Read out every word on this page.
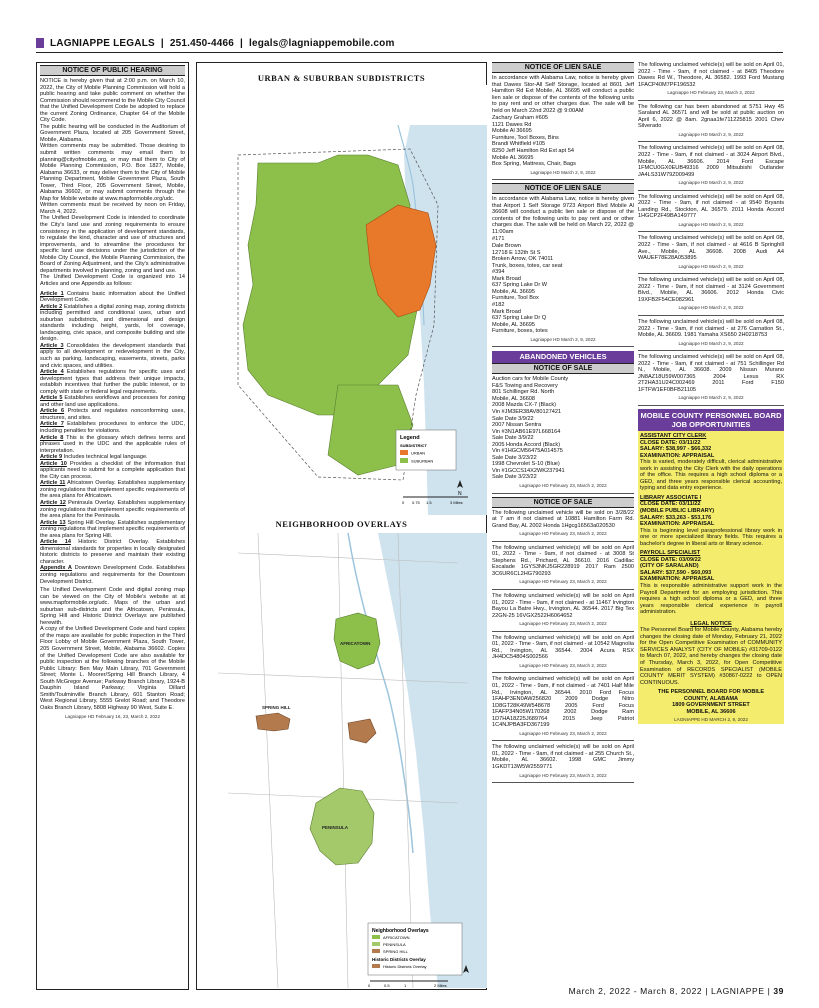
LAGNIAPPE LEGALS | 251.450-4466 | legals@lagniappemobile.com
NOTICE OF PUBLIC HEARING

NOTICE is hereby given that at 2:00 p.m. on March 10, 2022, the City of Mobile Planning Commission will hold a public hearing and take public comment on whether the Commission should recommend to the Mobile City Council that the Unified Development Code be adopted to replace the current Zoning Ordinance, Chapter 64 of the Mobile City Code.

The public hearing will be conducted in the Auditorium of Government Plaza, located at 205 Government Street, Mobile, Alabama.

Written comments may be submitted. Those desiring to submit written comments may email them to planning@cityofmobile.org, or may mail them to City of Mobile Planning Commission, P.O. Box 1827, Mobile, Alabama 36633, or may deliver them to the City of Mobile Planning Department, Mobile Government Plaza, South Tower, Third Floor, 205 Government Street, Mobile, Alabama 36602, or may submit comments through the Map for Mobile website at www.mapformobile.org/udc.

Written comments must be received by noon on Friday, March 4, 2022.

The Unified Development Code is intended to coordinate the City's land use and zoning requirements to ensure consistency in the application of development standards, to regulate the kind, character and use of structures and improvements, and to streamline the procedures for specific land use decisions under the jurisdiction of the Mobile City Council, the Mobile Planning Commission, the Board of Zoning Adjustment, and the City's administrative departments involved in planning, zoning and land use.

The Unified Development Code is organized into 14 Articles and one Appendix as follows:

Article 1 Contains basic information about the Unified Development Code.

Article 2 Establishes a digital zoning map, zoning districts including permitted and conditional uses, urban and suburban subdistricts, and dimensional and design standards including height, yards, lot coverage, landscaping, civic space, and composite building and site design.

Article 3 Consolidates the development standards that apply to all development or redevelopment in the City, such as parking, landscaping, easements, streets, parks and civic spaces, and utilities.

Article 4 Establishes regulations for specific uses and development types that address their unique impacts, establish incentives that further the public interest, or to comply with state or federal legal requirements.

Article 5 Establishes workflows and processes for zoning and other land use applications.

Article 6 Protects and regulates nonconforming uses, structures, and sites.

Article 7 Establishes procedures to enforce the UDC, including penalties for violations.

Article 8 This is the glossary which defines terms and phrases used in the UDC and the applicable rules of interpretation.

Article 9 Includes technical legal language.

Article 10 Provides a checklist of the information that applicants need to submit for a complete application that the City can process.

Article 11 Africatown Overlay. Establishes supplementary zoning regulations that implement specific requirements of the area plans for Africatown.

Article 12 Peninsula Overlay. Establishes supplementary zoning regulations that implement specific requirements of the area plans for the Peninsula.

Article 13 Spring Hill Overlay. Establishes supplementary zoning regulations that implement specific requirements of the area plans for Spring Hill.

Article 14 Historic District Overlay. Establishes dimensional standards for properties in locally designated historic districts to preserve and maintain their existing character.

Appendix A Downtown Development Code. Establishes zoning regulations and requirements for the Downtown Development District.

The Unified Development Code and digital zoning map can be viewed on the City of Mobile's website at at www.mapformobile.org/udc. Maps of the urban and suburban sub-districts and the Africatown, Peninsula, Spring Hill and Historic District Overlays are published herewith.

A copy of the Unified Development Code and hard copies of the maps are available for public inspection in the Third Floor Lobby of Mobile Government Plaza, South Tower, 205 Government Street, Mobile, Alabama 36602. Copies of the Unified Development Code are also available for public inspection at the following branches of the Mobile Public Library: Ben May Main Library, 701 Government Street; Monte L. Moorer/Spring Hill Branch Library, 4 South McGregor Avenue; Parkway Branch Library, 1924-B Dauphin Island Parkway; Virginia Dillard Smith/Toulminville Branch Library, 601 Stanton Road; West Regional Library, 5555 Grelot Road; and Theodore Oaks Branch Library, 5808 Highway 90 West, Suite E.

Lagniappe HD February 16, 23, March 2, 2022
URBAN & SUBURBAN SUBDISTRICTS
Legend
SUBDISTRICT
URBAN
SUBURBAN
N
0 0.75 1.5	3 Miles
NEIGHBORHOOD OVERLAYS
AFRICATOWN
SPRING HILL
PENINSULA
Neighborhood Overlays
AFRICATOWN
PENINSULA
SPRING HILL
Historic Districts Overlay
Historic Districts Overlay
0	0.5	1	2 Miles
NOTICE OF LIEN SALE

In accordance with Alabama Law, notice is hereby given that Dawes Stor-All Self Storage, located at 8601 Jeff Hamilton Rd Ext Mobile, AL 36695 will conduct a public lien sale or dispose of the contents of the following units to pay rent and or other charges due. The sale will be held on March 22nd 2022 @ 9:00AM

Zachary Graham #605
1121 Dawes Rd
Mobile Al 36695
Furniture, Tool Boxes, Bins
Brandi Whitfield #105
8250 Jeff Hamilton Rd Ext apt 54
Mobile AL 36695
Box Spring, Mattress, Chair, Bags
Lagniappe HD March 2, 9, 2022
NOTICE OF LIEN SALE

In accordance with Alabama Law, notice is hereby given that Airport 1 Self Storage 9723 Airport Blvd Mobile Al 36608 will conduct a public lien sale or dispose of the contents of the following units to pay rent and or other charges due. The sale will be held on March 22, 2022 @ 11:00am

#171
Dale Brown
12718 E 132th St S
Broken Arrow, OK 74011
Trunk, boxes, totes, car seat
#394
Mark Broad
637 Spring Lake Dr W
Mobile, AL 36695
Furniture, Tool Box
#182
Mark Broad
637 Spring Lake Dr Q
Mobile, AL 36695
Furniture, boxes, totes
Lagniappe HD March 2, 9, 2022
ABANDONED VEHICLES
NOTICE OF SALE
Auction cars for Mobile County
F&S Towing and Recovery
801 Schillinger Rd. North
Mobile, AL 36608
2008 Mazda CX-7 (Black)
Vin #JM3ER38AV80127421
Sale Date 3/9/22
2007 Nissan Sentra
Vin #3N1AB61E97L668164
Sale Date 3/9/22
2005 Honda Accord (Black)
Vin #1HGCM56475A014575
Sale Date 3/23/22
1998 Chevrolet S-10 (Blue)
Vin #1GCCS14X2WK237941
Sale Date 3/23/22
Lagniappe HD February 23, March 2, 2022
NOTICE OF SALE

The following unclaimed vehicle will be sold on 3/28/22 at 7 am if not claimed at 10881 Hamilton Farm Rd. Grand Bay, AL 2002 Honda 1Hgcg16563a020530

Lagniappe HD February 23, March 2, 2022

The following unclaimed vehicle(s) will be sold on April 01, 2022 - Time - 9am, if not claimed - at 3008 St Stephens Rd., Prichard, AL 36610. 2016 Cadillac Escalade 1GYS3NKJ5GR228919 2017 Ram 2500 3C6UR6CL2HG790293

Lagniappe HD February 23, March 2, 2022

The following unclaimed vehicle(s) will be sold on April 01, 2022 - Time - 9am, if not claimed - at 11467 Irvington Bayou La Batre Hwy., Irvington, AL 36544. 2017 Big Tex 22GN-25 16VGX2522H6064652

Lagniappe HD February 23, March 2, 2022

The following unclaimed vehicle(s) will be sold on April 01, 2022 - Time - 9am, if not claimed - at 10542 Magnolia Rd., Irvington, AL 36544. 2004 Acura RSX JH4DC54804S002566

Lagniappe HD February 23, March 2, 2022

The following unclaimed vehicle(s) will be sold on April 01, 2022 - Time - 9am, if not claimed - at 7401 Half Mile Rd., Irvington, AL 36544. 2010 Ford Focus 1FAHP3EN0AW256820 2009 Dodge Nitro 1D8GT28K49W548678 2005 Ford Focus 1FAFP34N05W170268 2002 Dodge Ram 1D7HA18Z25J689764 2015 Jeep Patriot 1C4NJPBA3FD367199

Lagniappe HD February 23, March 2, 2022

The following unclaimed vehicle(s) will be sold on April 01, 2022 - Time - 9am, if not claimed - at 255 Church St., Mobile, AL 36602. 1998 GMC Jimmy 1GKDT13W5W2559771

Lagniappe HD February 23, March 2, 2022

The following unclaimed vehicle(s) will be sold on April 01, 2022 - Time - 9am, if not claimed - at 8405 Theodore Dawes Rd W., Theodore, AL 36582. 1993 Ford Mustang 1FACP40M7PF196532

Lagniappe HD February 23, March 2, 2022

The following car has been abandoned at 5751 Hwy 45 Saraland AL 36571 and will be sold at public auction on April 6, 2022 @ 8am. 2gnaa1fe711225815 2001 Chev Silverado

Lagniappe HD March 2, 9, 2022

The following unclaimed vehicle(s) will be sold on April 08, 2022 - Time - 9am, if not claimed - at 3024 Airport Blvd., Mobile, AL 36606. 2014 Ford Escape 1FMCU0GX0EUB49316 2009 Mitsubishi Outlander JA4LS31W79Z009499

Lagniappe HD March 2, 9, 2022

The following unclaimed vehicle(s) will be sold on April 08, 2022 - Time - 9am, if not claimed - at 9540 Bryants Landing Rd., Stockton, AL 36579. 2011 Honda Accord 1HGCP2F49BA149777

Lagniappe HD March 2, 9, 2022

The following unclaimed vehicle(s) will be sold on April 08, 2022 - Time - 9am, if not claimed - at 4616 B Springhill Ave., Mobile, AL 36608. 2008 Audi A4 WAUEF78E28A053895

Lagniappe HD March 2, 9, 2022

The following unclaimed vehicle(s) will be sold on April 08, 2022 - Time - 9am, if not claimed - at 3124 Government Blvd., Mobile, AL 36606. 2012 Honda Civic 19XFB2F54CE082961

Lagniappe HD March 2, 9, 2022

The following unclaimed vehicle(s) will be sold on April 08, 2022 - Time - 9am, if not claimed - at 276 Carnation St., Mobile, AL 36609. 1981 Yamaha XS650 2H0218753

Lagniappe HD March 2, 9, 2022

The following unclaimed vehicle(s) will be sold on April 08, 2022 - Time - 9am, if not claimed - at 751 Schillinger Rd N., Mobile, AL 36608. 2009 Nissan Murano JN8AZ18U59W007365 2004 Lexus RX 2T2HA31U24C002469 2011 Ford F150 1FTFW1EF0BFB21105

Lagniappe HD March 2, 9, 2022
MOBILE COUNTY PERSONNEL BOARD JOB OPPORTUNITIES
ASSISTANT CITY CLERK
CLOSE DATE: 03/11/22
SALARY: $38,997 - $66,332
EXAMINATION: APPRAISAL

This is varied, moderately difficult, clerical administrative work in assisting the City Clerk with the daily operations of the office. This requires a high school diploma or a GED, and three years responsible clerical accounting, typing and data entry experience.

LIBRARY ASSOCIATE I
CLOSE DATE: 03/11/22
(MOBILE PUBLIC LIBRARY)
SALARY: $33,263 - $53,176
EXAMINATION: APPRAISAL

This is beginning level paraprofessional library work in one or more specialized library fields. This requires a bachelor's degree in liberal arts or library science.

PAYROLL SPECIALIST
CLOSE DATE: 03/09/22
(CITY OF SARALAND)
SALARY: $37,590 - $60,093
EXAMINATION: APPRAISAL

This is responsible administrative support work in the Payroll Department for an employing jurisdiction. This requires a high school diploma or a GED, and three years responsible clerical experience in payroll administration.

LEGAL NOTICE

The Personnel Board for Mobile County, Alabama hereby changes the closing date of Monday, February 21, 2022 for the Open Competitive Examination of COMMUNITY SERVICES ANALYST (CITY OF MOBILE) #31709-0122 to March 07, 2022, and hereby changes the closing date of Thursday, March 3, 2022, for Open Competitive Examination of RECORDS SPECIALIST (MOBILE COUNTY MERIT SYSTEM) #30867-0222 to OPEN CONTINUOUS.

THE PERSONNEL BOARD FOR MOBILE
COUNTY, ALABAMA
1809 GOVERNMENT STREET
MOBILE, AL 36606
LAGNIAPPE HD MARCH 2, 9, 2022
March 2, 2022 - March 8, 2022 | LAGNIAPPE | 39
